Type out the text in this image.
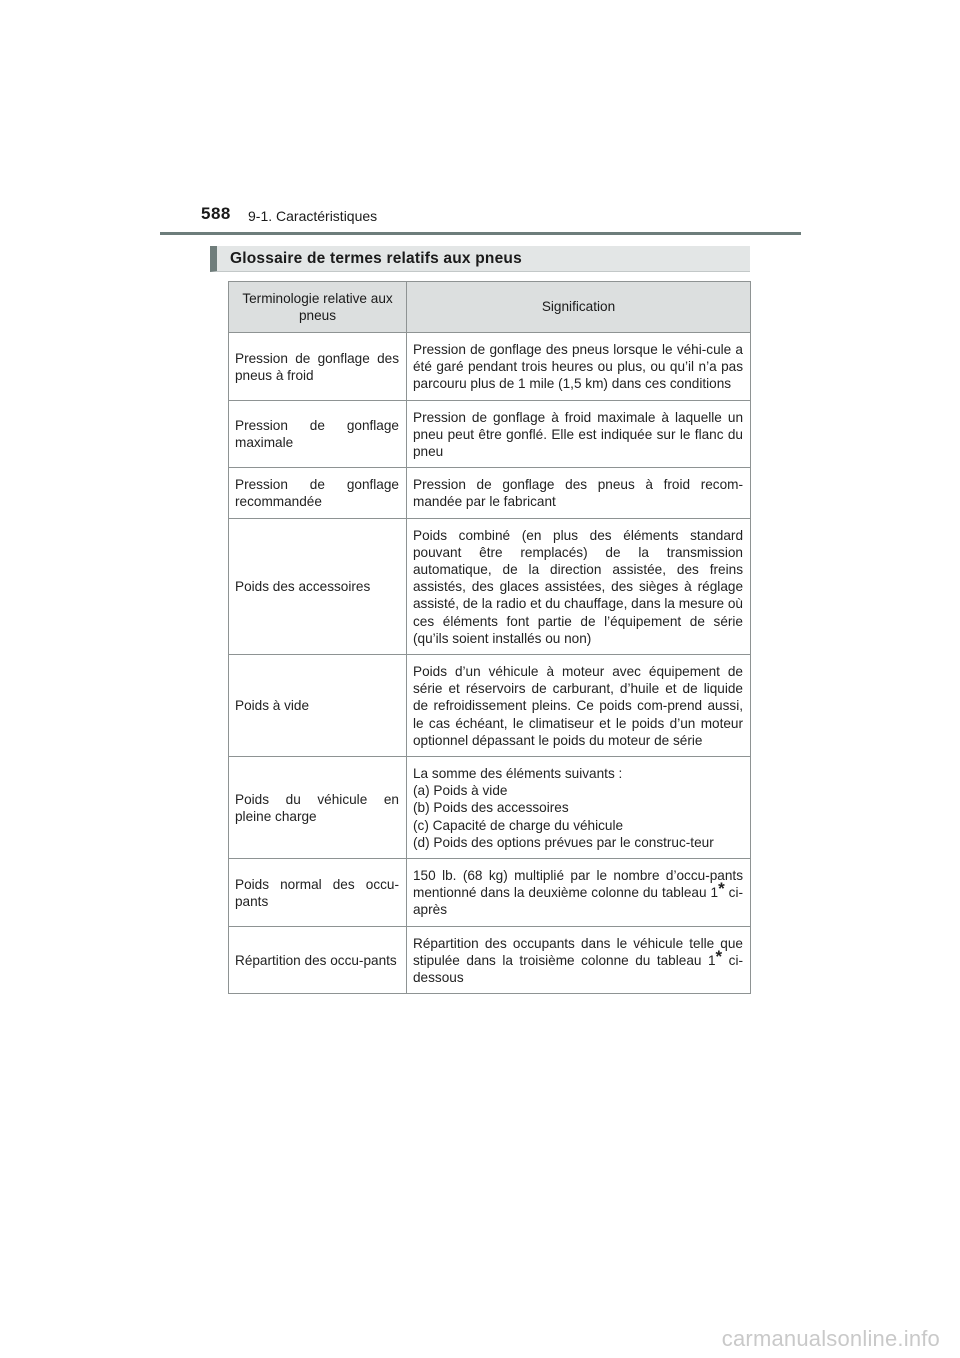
588 9-1. Caractéristiques
Glossaire de termes relatifs aux pneus
Terminologie relative aux pneus	Signification
Pression de gonflage des pneus à froid	Pression de gonflage des pneus lorsque le véhi-cule a été garé pendant trois heures ou plus, ou qu’il n’a pas parcouru plus de 1 mile (1,5 km) dans ces conditions
Pression de gonflage maximale	Pression de gonflage à froid maximale à laquelle un pneu peut être gonflé. Elle est indiquée sur le flanc du pneu
Pression de gonflage recommandée	Pression de gonflage des pneus à froid recom-mandée par le fabricant
Poids des accessoires	Poids combiné (en plus des éléments standard pouvant être remplacés) de la transmission automatique, de la direction assistée, des freins assistés, des glaces assistées, des sièges à réglage assisté, de la radio et du chauffage, dans la mesure où ces éléments font partie de l’équipement de série (qu’ils soient installés ou non)
Poids à vide	Poids d’un véhicule à moteur avec équipement de série et réservoirs de carburant, d’huile et de liquide de refroidissement pleins. Ce poids com-prend aussi, le cas échéant, le climatiseur et le poids d’un moteur optionnel dépassant le poids du moteur de série
Poids du véhicule en pleine charge	La somme des éléments suivants :
(a) Poids à vide
(b) Poids des accessoires
(c) Capacité de charge du véhicule
(d) Poids des options prévues par le construc-teur

Poids normal des occu-pants	150 lb. (68 kg) multiplié par le nombre d’occu-pants mentionné dans la deuxième colonne du tableau 1* ci-après
Répartition des occu-pants	Répartition des occupants dans le véhicule telle que stipulée dans la troisième colonne du tableau 1* ci-dessous
carmanualsonline.info
